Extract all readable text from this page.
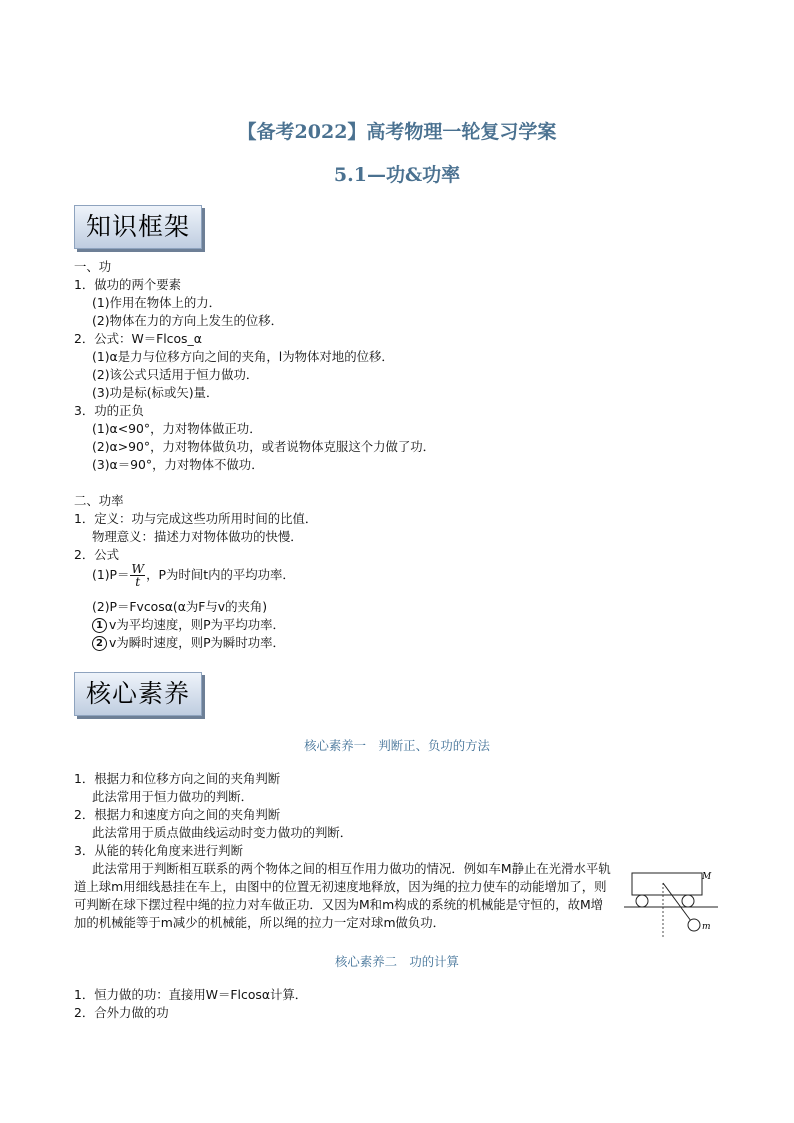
【备考2022】高考物理一轮复习学案
5.1—功&功率
知识框架
一、功
1．做功的两个要素
(1)作用在物体上的力．
(2)物体在力的方向上发生的位移．
2．公式：W＝Flcos_α
(1)α是力与位移方向之间的夹角，l为物体对地的位移．
(2)该公式只适用于恒力做功．
(3)功是标(标或矢)量．
3．功的正负
(1)α<90°，力对物体做正功．
(2)α>90°，力对物体做负功，或者说物体克服这个力做了功．
(3)α＝90°，力对物体不做功．
二、功率
1．定义：功与完成这些功所用时间的比值．
物理意义：描述力对物体做功的快慢．
2．公式
$(1)P= \frac{W}{t}$ ，P为时间t内的平均功率．
(2)P＝Fvcosα(α为F与v的夹角)
1 v为平均速度，则P为平均功率．
2 v为瞬时速度，则P为瞬时功率．
核心素养
核心素养一　判断正、负功的方法
1．根据力和位移方向之间的夹角判断
此法常用于恒力做功的判断．
2．根据力和速度方向之间的夹角判断
此法常用于质点做曲线运动时变力做功的判断．
3．从能的转化角度来进行判断
此法常用于判断相互联系的两个物体之间的相互作用力做功的情况．例如车M静止在光滑水平轨道上球m用细线悬挂在车上，由图中的位置无初速度地释放，因为绳的拉力使车的动能增加了，则可判断在球下摆过程中绳的拉力对车做正功．又因为M和m构成的系统的机械能是守恒的，故M增加的机械能等于m减少的机械能，所以绳的拉力一定对球m做负功．
M
m
核心素养二　功的计算
1．恒力做的功：直接用W＝Flcosα计算．
2．合外力做的功
